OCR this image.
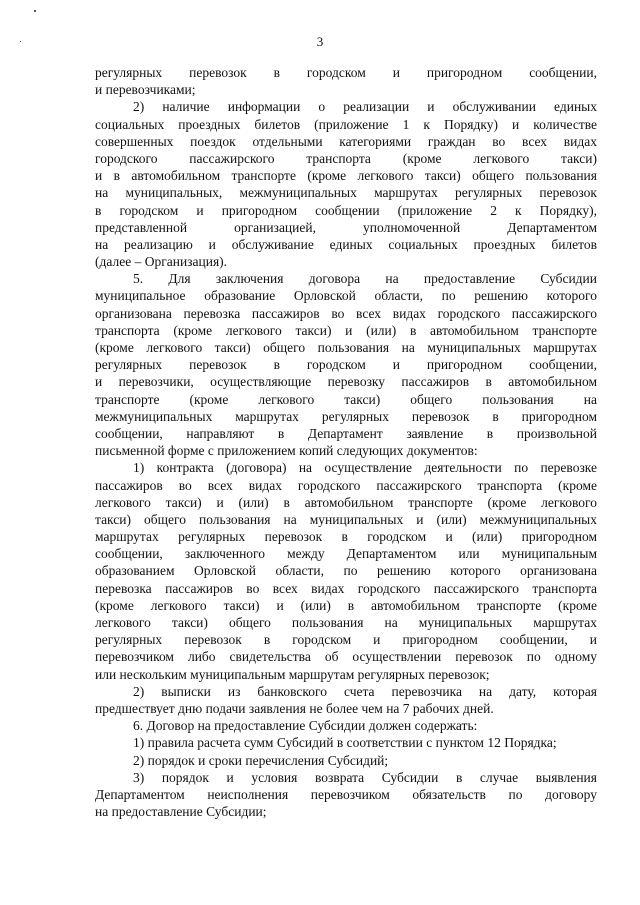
3
регулярных перевозок в городском и пригородном сообщении,
и перевозчиками;
2) наличие информации о реализации и обслуживании единых
социальных проездных билетов (приложение 1 к Порядку) и количестве
совершенных поездок отдельными категориями граждан во всех видах
городского пассажирского транспорта (кроме легкового такси)
и в автомобильном транспорте (кроме легкового такси) общего пользования
на муниципальных, межмуниципальных маршрутах регулярных перевозок
в городском и пригородном сообщении (приложение 2 к Порядку),
представленной организацией, уполномоченной Департаментом
на реализацию и обслуживание единых социальных проездных билетов
(далее – Организация).
5. Для заключения договора на предоставление Субсидии
муниципальное образование Орловской области, по решению которого
организована перевозка пассажиров во всех видах городского пассажирского
транспорта (кроме легкового такси) и (или) в автомобильном транспорте
(кроме легкового такси) общего пользования на муниципальных маршрутах
регулярных перевозок в городском и пригородном сообщении,
и перевозчики, осуществляющие перевозку пассажиров в автомобильном
транспорте (кроме легкового такси) общего пользования на
межмуниципальных маршрутах регулярных перевозок в пригородном
сообщении, направляют в Департамент заявление в произвольной
письменной форме с приложением копий следующих документов:
1) контракта (договора) на осуществление деятельности по перевозке
пассажиров во всех видах городского пассажирского транспорта (кроме
легкового такси) и (или) в автомобильном транспорте (кроме легкового
такси) общего пользования на муниципальных и (или) межмуниципальных
маршрутах регулярных перевозок в городском и (или) пригородном
сообщении, заключенного между Департаментом или муниципальным
образованием Орловской области, по решению которого организована
перевозка пассажиров во всех видах городского пассажирского транспорта
(кроме легкового такси) и (или) в автомобильном транспорте (кроме
легкового такси) общего пользования на муниципальных маршрутах
регулярных перевозок в городском и пригородном сообщении, и
перевозчиком либо свидетельства об осуществлении перевозок по одному
или нескольким муниципальным маршрутам регулярных перевозок;
2) выписки из банковского счета перевозчика на дату, которая
предшествует дню подачи заявления не более чем на 7 рабочих дней.
6. Договор на предоставление Субсидии должен содержать:
1) правила расчета сумм Субсидий в соответствии с пунктом 12 Порядка;
2) порядок и сроки перечисления Субсидий;
3) порядок и условия возврата Субсидии в случае выявления
Департаментом неисполнения перевозчиком обязательств по договору
на предоставление Субсидии;
